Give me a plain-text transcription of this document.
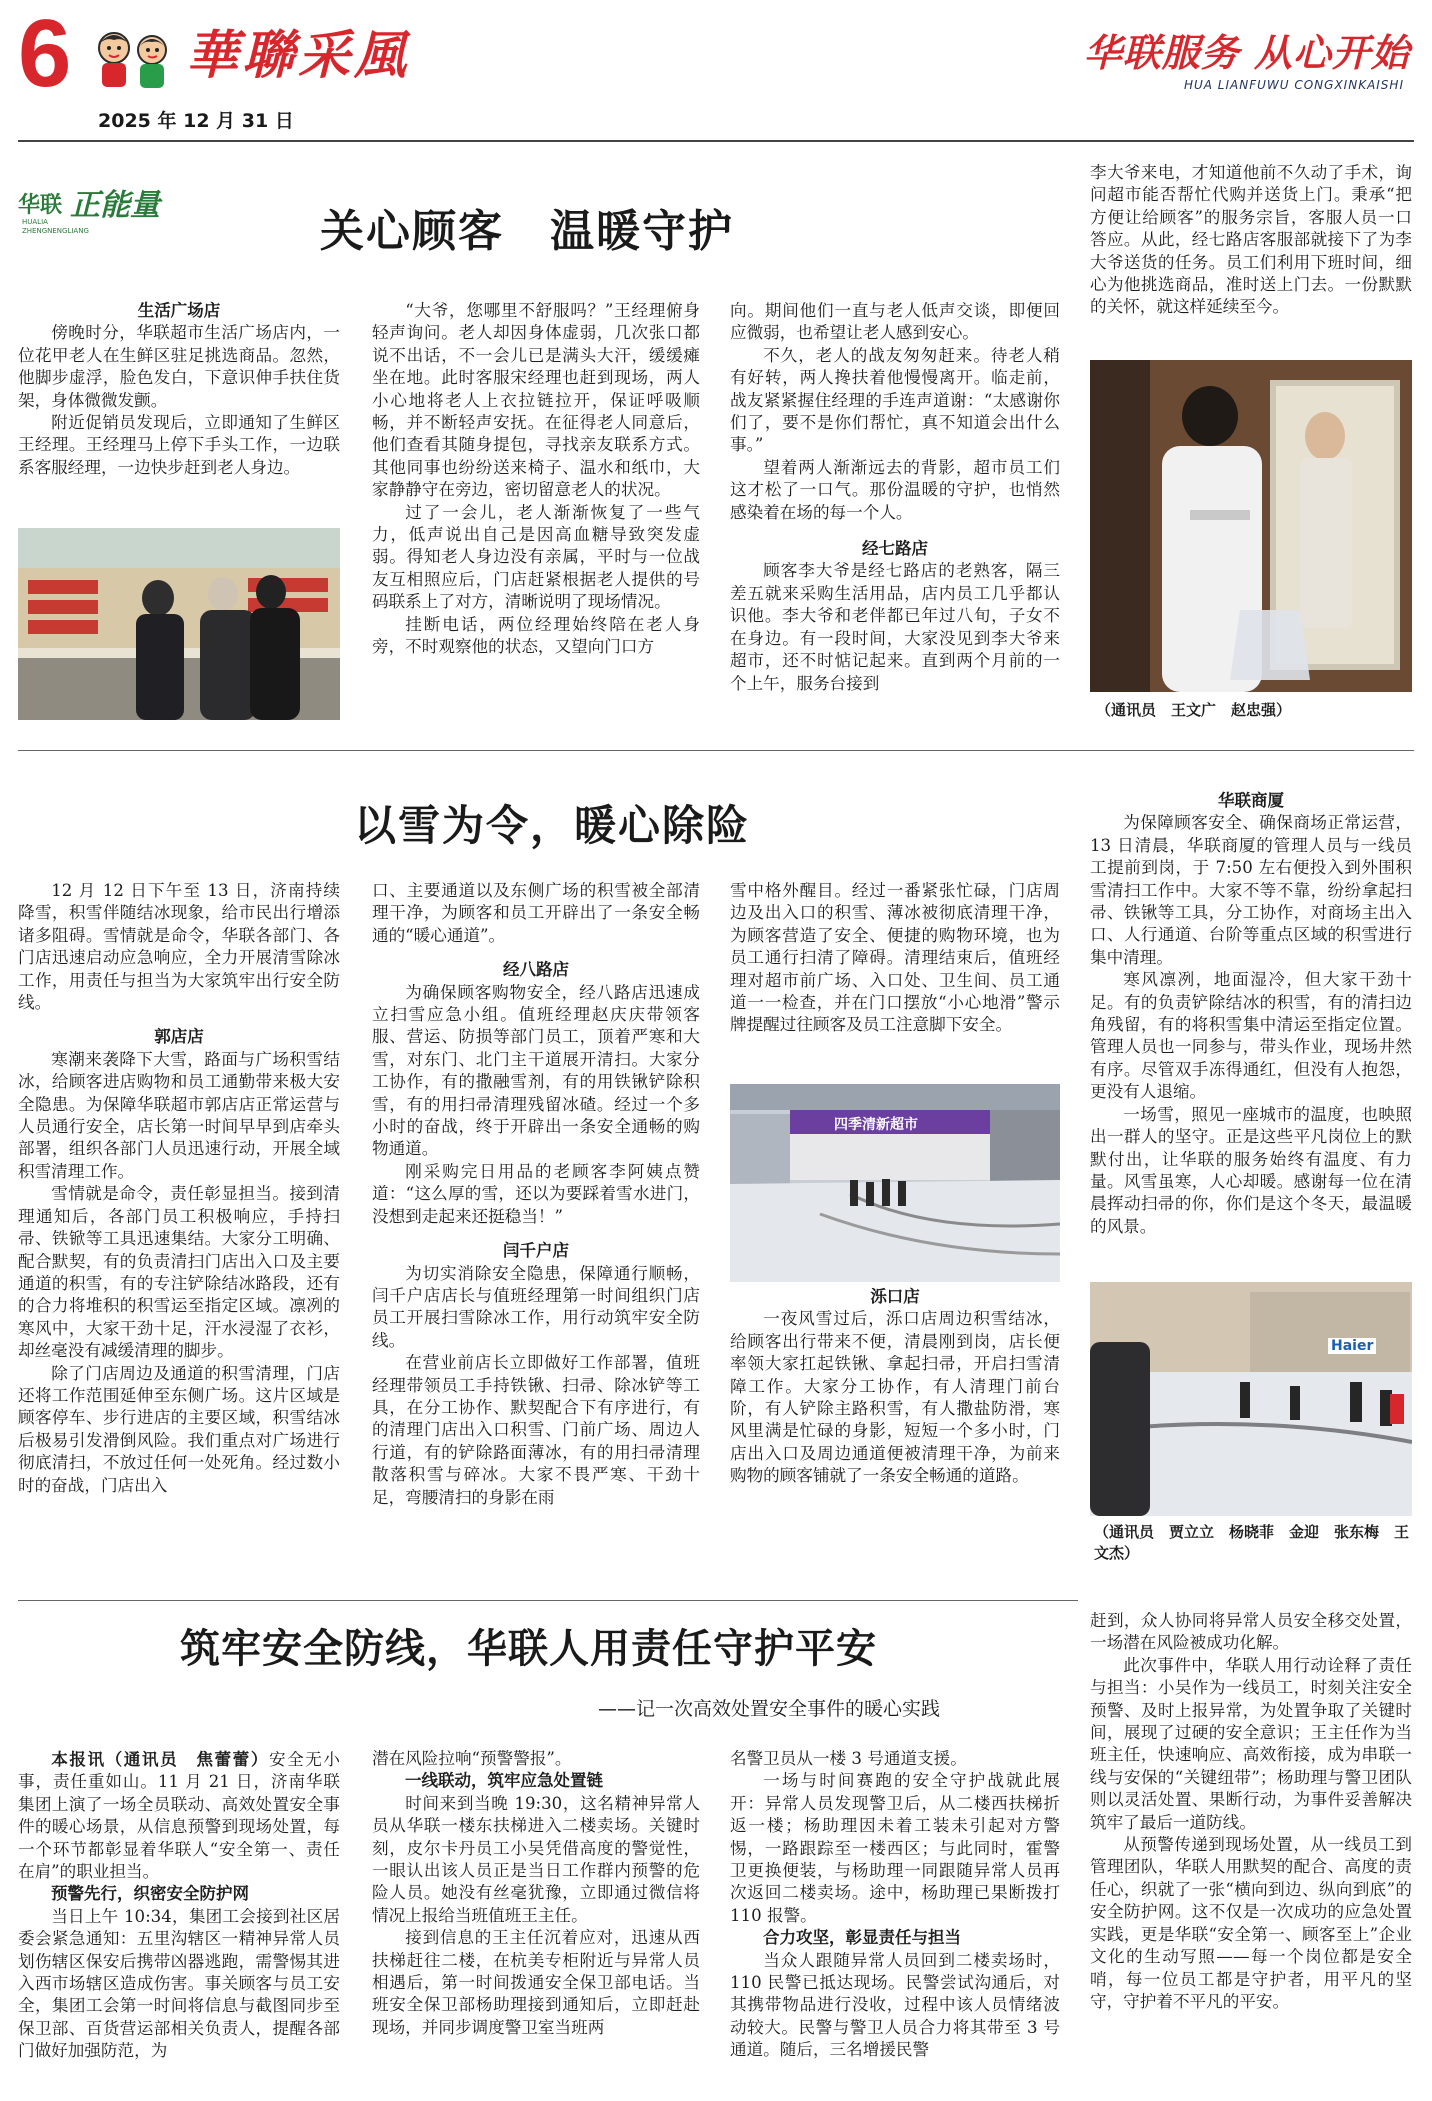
6 華聯采風
2025 年 12 月 31 日
华联服务 从心开始
HUA LIANFUWU CONGXINKAISHI
华联 正能量
HUALIA
ZHENGNENGLIANG	关心顾客　温暖守护

生活广场店

傍晚时分，华联超市生活广场店内，一位花甲老人在生鲜区驻足挑选商品。忽然，他脚步虚浮，脸色发白，下意识伸手扶住货架，身体微微发颤。

附近促销员发现后，立即通知了生鲜区王经理。王经理马上停下手头工作，一边联系客服经理，一边快步赶到老人身边。

“大爷，您哪里不舒服吗？”王经理俯身轻声询问。老人却因身体虚弱，几次张口都说不出话，不一会儿已是满头大汗，缓缓瘫坐在地。此时客服宋经理也赶到现场，两人小心地将老人上衣拉链拉开，保证呼吸顺畅，并不断轻声安抚。在征得老人同意后，他们查看其随身提包，寻找亲友联系方式。其他同事也纷纷送来椅子、温水和纸巾，大家静静守在旁边，密切留意老人的状况。

过了一会儿，老人渐渐恢复了一些气力，低声说出自己是因高血糖导致突发虚弱。得知老人身边没有亲属，平时与一位战友互相照应后，门店赶紧根据老人提供的号码联系上了对方，清晰说明了现场情况。

挂断电话，两位经理始终陪在老人身旁，不时观察他的状态，又望向门口方

向。期间他们一直与老人低声交谈，即便回应微弱，也希望让老人感到安心。

不久，老人的战友匆匆赶来。待老人稍有好转，两人搀扶着他慢慢离开。临走前，战友紧紧握住经理的手连声道谢：“太感谢你们了，要不是你们帮忙，真不知道会出什么事。”

望着两人渐渐远去的背影，超市员工们这才松了一口气。那份温暖的守护，也悄然感染着在场的每一个人。

经七路店

顾客李大爷是经七路店的老熟客，隔三差五就来采购生活用品，店内员工几乎都认识他。李大爷和老伴都已年过八旬，子女不在身边。有一段时间，大家没见到李大爷来超市，还不时惦记起来。直到两个月前的一个上午，服务台接到

李大爷来电，才知道他前不久动了手术，询问超市能否帮忙代购并送货上门。秉承“把方便让给顾客”的服务宗旨，客服人员一口答应。从此，经七路店客服部就接下了为李大爷送货的任务。员工们利用下班时间，细心为他挑选商品，准时送上门去。一份默默的关怀，就这样延续至今。

（通讯员　王文广　赵忠强）
以雪为令，暖心除险

12 月 12 日下午至 13 日，济南持续降雪，积雪伴随结冰现象，给市民出行增添诸多阻碍。雪情就是命令，华联各部门、各门店迅速启动应急响应，全力开展清雪除冰工作，用责任与担当为大家筑牢出行安全防线。

郭店店

寒潮来袭降下大雪，路面与广场积雪结冰，给顾客进店购物和员工通勤带来极大安全隐患。为保障华联超市郭店店正常运营与人员通行安全，店长第一时间早早到店牵头部署，组织各部门人员迅速行动，开展全域积雪清理工作。

雪情就是命令，责任彰显担当。接到清理通知后，各部门员工积极响应，手持扫帚、铁锨等工具迅速集结。大家分工明确、配合默契，有的负责清扫门店出入口及主要通道的积雪，有的专注铲除结冰路段，还有的合力将堆积的积雪运至指定区域。凛冽的寒风中，大家干劲十足，汗水浸湿了衣衫，却丝毫没有减缓清理的脚步。

除了门店周边及通道的积雪清理，门店还将工作范围延伸至东侧广场。这片区域是顾客停车、步行进店的主要区域，积雪结冰后极易引发滑倒风险。我们重点对广场进行彻底清扫，不放过任何一处死角。经过数小时的奋战，门店出入

口、主要通道以及东侧广场的积雪被全部清理干净，为顾客和员工开辟出了一条安全畅通的“暖心通道”。

经八路店

为确保顾客购物安全，经八路店迅速成立扫雪应急小组。值班经理赵庆庆带领客服、营运、防损等部门员工，顶着严寒和大雪，对东门、北门主干道展开清扫。大家分工协作，有的撒融雪剂，有的用铁锹铲除积雪，有的用扫帚清理残留冰碴。经过一个多小时的奋战，终于开辟出一条安全通畅的购物通道。

刚采购完日用品的老顾客李阿姨点赞道：“这么厚的雪，还以为要踩着雪水进门，没想到走起来还挺稳当！”

闫千户店

为切实消除安全隐患，保障通行顺畅，闫千户店店长与值班经理第一时间组织门店员工开展扫雪除冰工作，用行动筑牢安全防线。

在营业前店长立即做好工作部署，值班经理带领员工手持铁锹、扫帚、除冰铲等工具，在分工协作、默契配合下有序进行，有的清理门店出入口积雪、门前广场、周边人行道，有的铲除路面薄冰，有的用扫帚清理散落积雪与碎冰。大家不畏严寒、干劲十足，弯腰清扫的身影在雨

雪中格外醒目。经过一番紧张忙碌，门店周边及出入口的积雪、薄冰被彻底清理干净，为顾客营造了安全、便捷的购物环境，也为员工通行扫清了障碍。清理结束后，值班经理对超市前广场、入口处、卫生间、员工通道一一检查，并在门口摆放“小心地滑”警示牌提醒过往顾客及员工注意脚下安全。

四季清新超市

泺口店

一夜风雪过后，泺口店周边积雪结冰，给顾客出行带来不便，清晨刚到岗，店长便率领大家扛起铁锹、拿起扫帚，开启扫雪清障工作。大家分工协作，有人清理门前台阶，有人铲除主路积雪，有人撒盐防滑，寒风里满是忙碌的身影，短短一个多小时，门店出入口及周边通道便被清理干净，为前来购物的顾客铺就了一条安全畅通的道路。

华联商厦

为保障顾客安全、确保商场正常运营，13 日清晨，华联商厦的管理人员与一线员工提前到岗，于 7:50 左右便投入到外围积雪清扫工作中。大家不等不靠，纷纷拿起扫帚、铁锹等工具，分工协作，对商场主出入口、人行通道、台阶等重点区域的积雪进行集中清理。

寒风凛冽，地面湿冷，但大家干劲十足。有的负责铲除结冰的积雪，有的清扫边角残留，有的将积雪集中清运至指定位置。管理人员也一同参与，带头作业，现场井然有序。尽管双手冻得通红，但没有人抱怨，更没有人退缩。

一场雪，照见一座城市的温度，也映照出一群人的坚守。正是这些平凡岗位上的默默付出，让华联的服务始终有温度、有力量。风雪虽寒，人心却暖。感谢每一位在清晨挥动扫帚的你，你们是这个冬天，最温暖的风景。

Haier
（通讯员　贾立立　杨晓菲　金迎　张东梅　王文杰）
筑牢安全防线，华联人用责任守护平安
——记一次高效处置安全事件的暖心实践

本报讯（通讯员　焦蕾蕾）安全无小事，责任重如山。11 月 21 日，济南华联集团上演了一场全员联动、高效处置安全事件的暖心场景，从信息预警到现场处置，每一个环节都彰显着华联人“安全第一、责任在肩”的职业担当。

预警先行，织密安全防护网

当日上午 10:34，集团工会接到社区居委会紧急通知：五里沟辖区一精神异常人员划伤辖区保安后携带凶器逃跑，需警惕其进入西市场辖区造成伤害。事关顾客与员工安全，集团工会第一时间将信息与截图同步至保卫部、百货营运部相关负责人，提醒各部门做好加强防范，为

潜在风险拉响“预警警报”。

一线联动，筑牢应急处置链

时间来到当晚 19:30，这名精神异常人员从华联一楼东扶梯进入二楼卖场。关键时刻，皮尔卡丹员工小吴凭借高度的警觉性，一眼认出该人员正是当日工作群内预警的危险人员。她没有丝毫犹豫，立即通过微信将情况上报给当班值班王主任。

接到信息的王主任沉着应对，迅速从西扶梯赶往二楼，在杭美专柜附近与异常人员相遇后，第一时间拨通安全保卫部电话。当班安全保卫部杨助理接到通知后，立即赶赴现场，并同步调度警卫室当班两

名警卫员从一楼 3 号通道支援。

一场与时间赛跑的安全守护战就此展开：异常人员发现警卫后，从二楼西扶梯折返一楼；杨助理因未着工装未引起对方警惕，一路跟踪至一楼西区；与此同时，霍警卫更换便装，与杨助理一同跟随异常人员再次返回二楼卖场。途中，杨助理已果断拨打 110 报警。

合力攻坚，彰显责任与担当

当众人跟随异常人员回到二楼卖场时，110 民警已抵达现场。民警尝试沟通后，对其携带物品进行没收，过程中该人员情绪波动较大。民警与警卫人员合力将其带至 3 号通道。随后，三名增援民警

赶到，众人协同将异常人员安全移交处置，一场潜在风险被成功化解。

此次事件中，华联人用行动诠释了责任与担当：小吴作为一线员工，时刻关注安全预警、及时上报异常，为处置争取了关键时间，展现了过硬的安全意识；王主任作为当班主任，快速响应、高效衔接，成为串联一线与安保的“关键纽带”；杨助理与警卫团队则以灵活处置、果断行动，为事件妥善解决筑牢了最后一道防线。

从预警传递到现场处置，从一线员工到管理团队，华联人用默契的配合、高度的责任心，织就了一张“横向到边、纵向到底”的安全防护网。这不仅是一次成功的应急处置实践，更是华联“安全第一、顾客至上”企业文化的生动写照——每一个岗位都是安全哨，每一位员工都是守护者，用平凡的坚守，守护着不平凡的平安。
